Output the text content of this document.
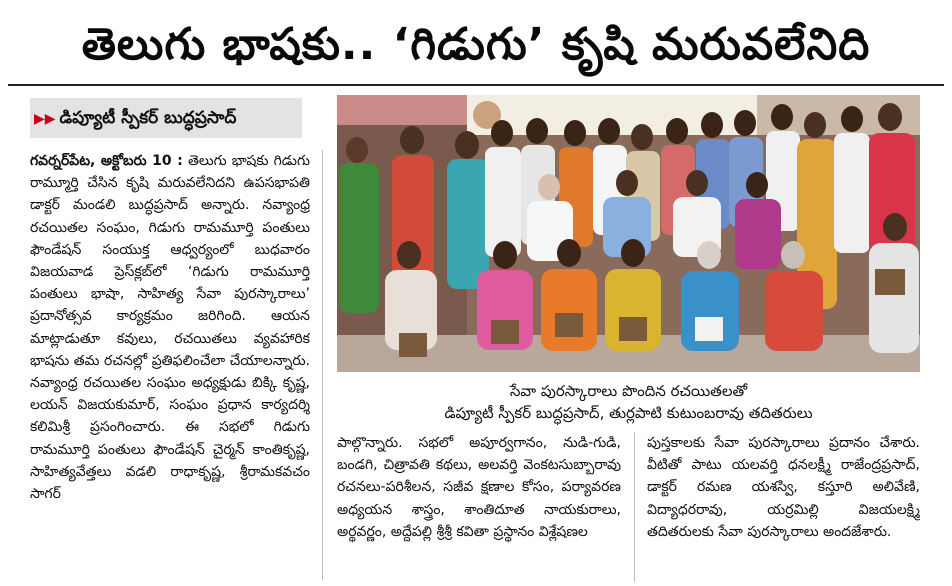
తెలుగు భాషకు.. ‘గిడుగు’ కృషి మరువలేనిది
▶▶ డిప్యూటీ స్పీకర్ బుద్ధప్రసాద్
గవర్నర్‌పేట, అక్టోబరు 10 : తెలుగు భాషకు గిడుగు రామ్మూర్తి చేసిన కృషి మరువలేనిదని ఉపసభాపతి డాక్టర్ మండలి బుద్ధప్రసాద్ అన్నారు. నవ్యాంధ్ర రచయితల సంఘం, గిడుగు రామమూర్తి పంతులు ఫౌండేషన్ సంయుక్త ఆధ్వర్యంలో బుధవారం విజయవాడ ప్రెస్‌క్లబ్‌లో ‘గిడుగు రామమూర్తి పంతులు భాషా, సాహిత్య సేవా పురస్కారాలు’ ప్రదానోత్సవ కార్యక్రమం జరిగింది. ఆయన మాట్లాడుతూ కవులు, రచయితలు వ్యవహారిక భాషను తమ రచనల్లో ప్రతిఫలించేలా చేయాలన్నారు. నవ్యాంధ్ర రచయితల సంఘం అధ్యక్షుడు బిక్కి కృష్ణ, లయన్ విజయకుమార్, సంఘం ప్రధాన కార్యదర్శి కలిమిశ్రీ ప్రసంగించారు. ఈ సభలో గిడుగు రామమూర్తి పంతులు ఫౌండేషన్ చైర్మన్ కాంతికృష్ణ, సాహిత్యవేత్తలు వడలి రాధాకృష్ణ, శ్రీరామకవచం సాగర్
సేవా పురస్కారాలు పొందిన రచయితలతో
డిప్యూటీ స్పీకర్ బుద్ధప్రసాద్, తుర్లపాటి కుటుంబరావు తదితరులు
పాల్గొన్నారు. సభలో అపూర్వగానం, నుడి-గుడి, బండగి, చిత్రావతి కథలు, అలవర్తి వెంకటసుబ్బారావు రచనలు-పరిశీలన, సజీవ క్షణాల కోసం, పర్యావరణ అధ్యయన శాస్త్రం, శాంతిదూత నాయకురాలు, అర్థవర్ణం, అద్దేపల్లి శ్రీశ్రీ కవితా ప్రస్థానం విశ్లేషణల
పుస్తకాలకు సేవా పురస్కారాలు ప్రదానం చేశారు. వీటితో పాటు యలవర్తి ధనలక్ష్మీ రాజేంద్రప్రసాద్, డాక్టర్ రమణ యశస్వి, కస్తూరి అలివేణి, విద్యాధరరావు, యర్రమిల్లి విజయలక్ష్మి తదితరులకు సేవా పురస్కారాలు అందజేశారు.
